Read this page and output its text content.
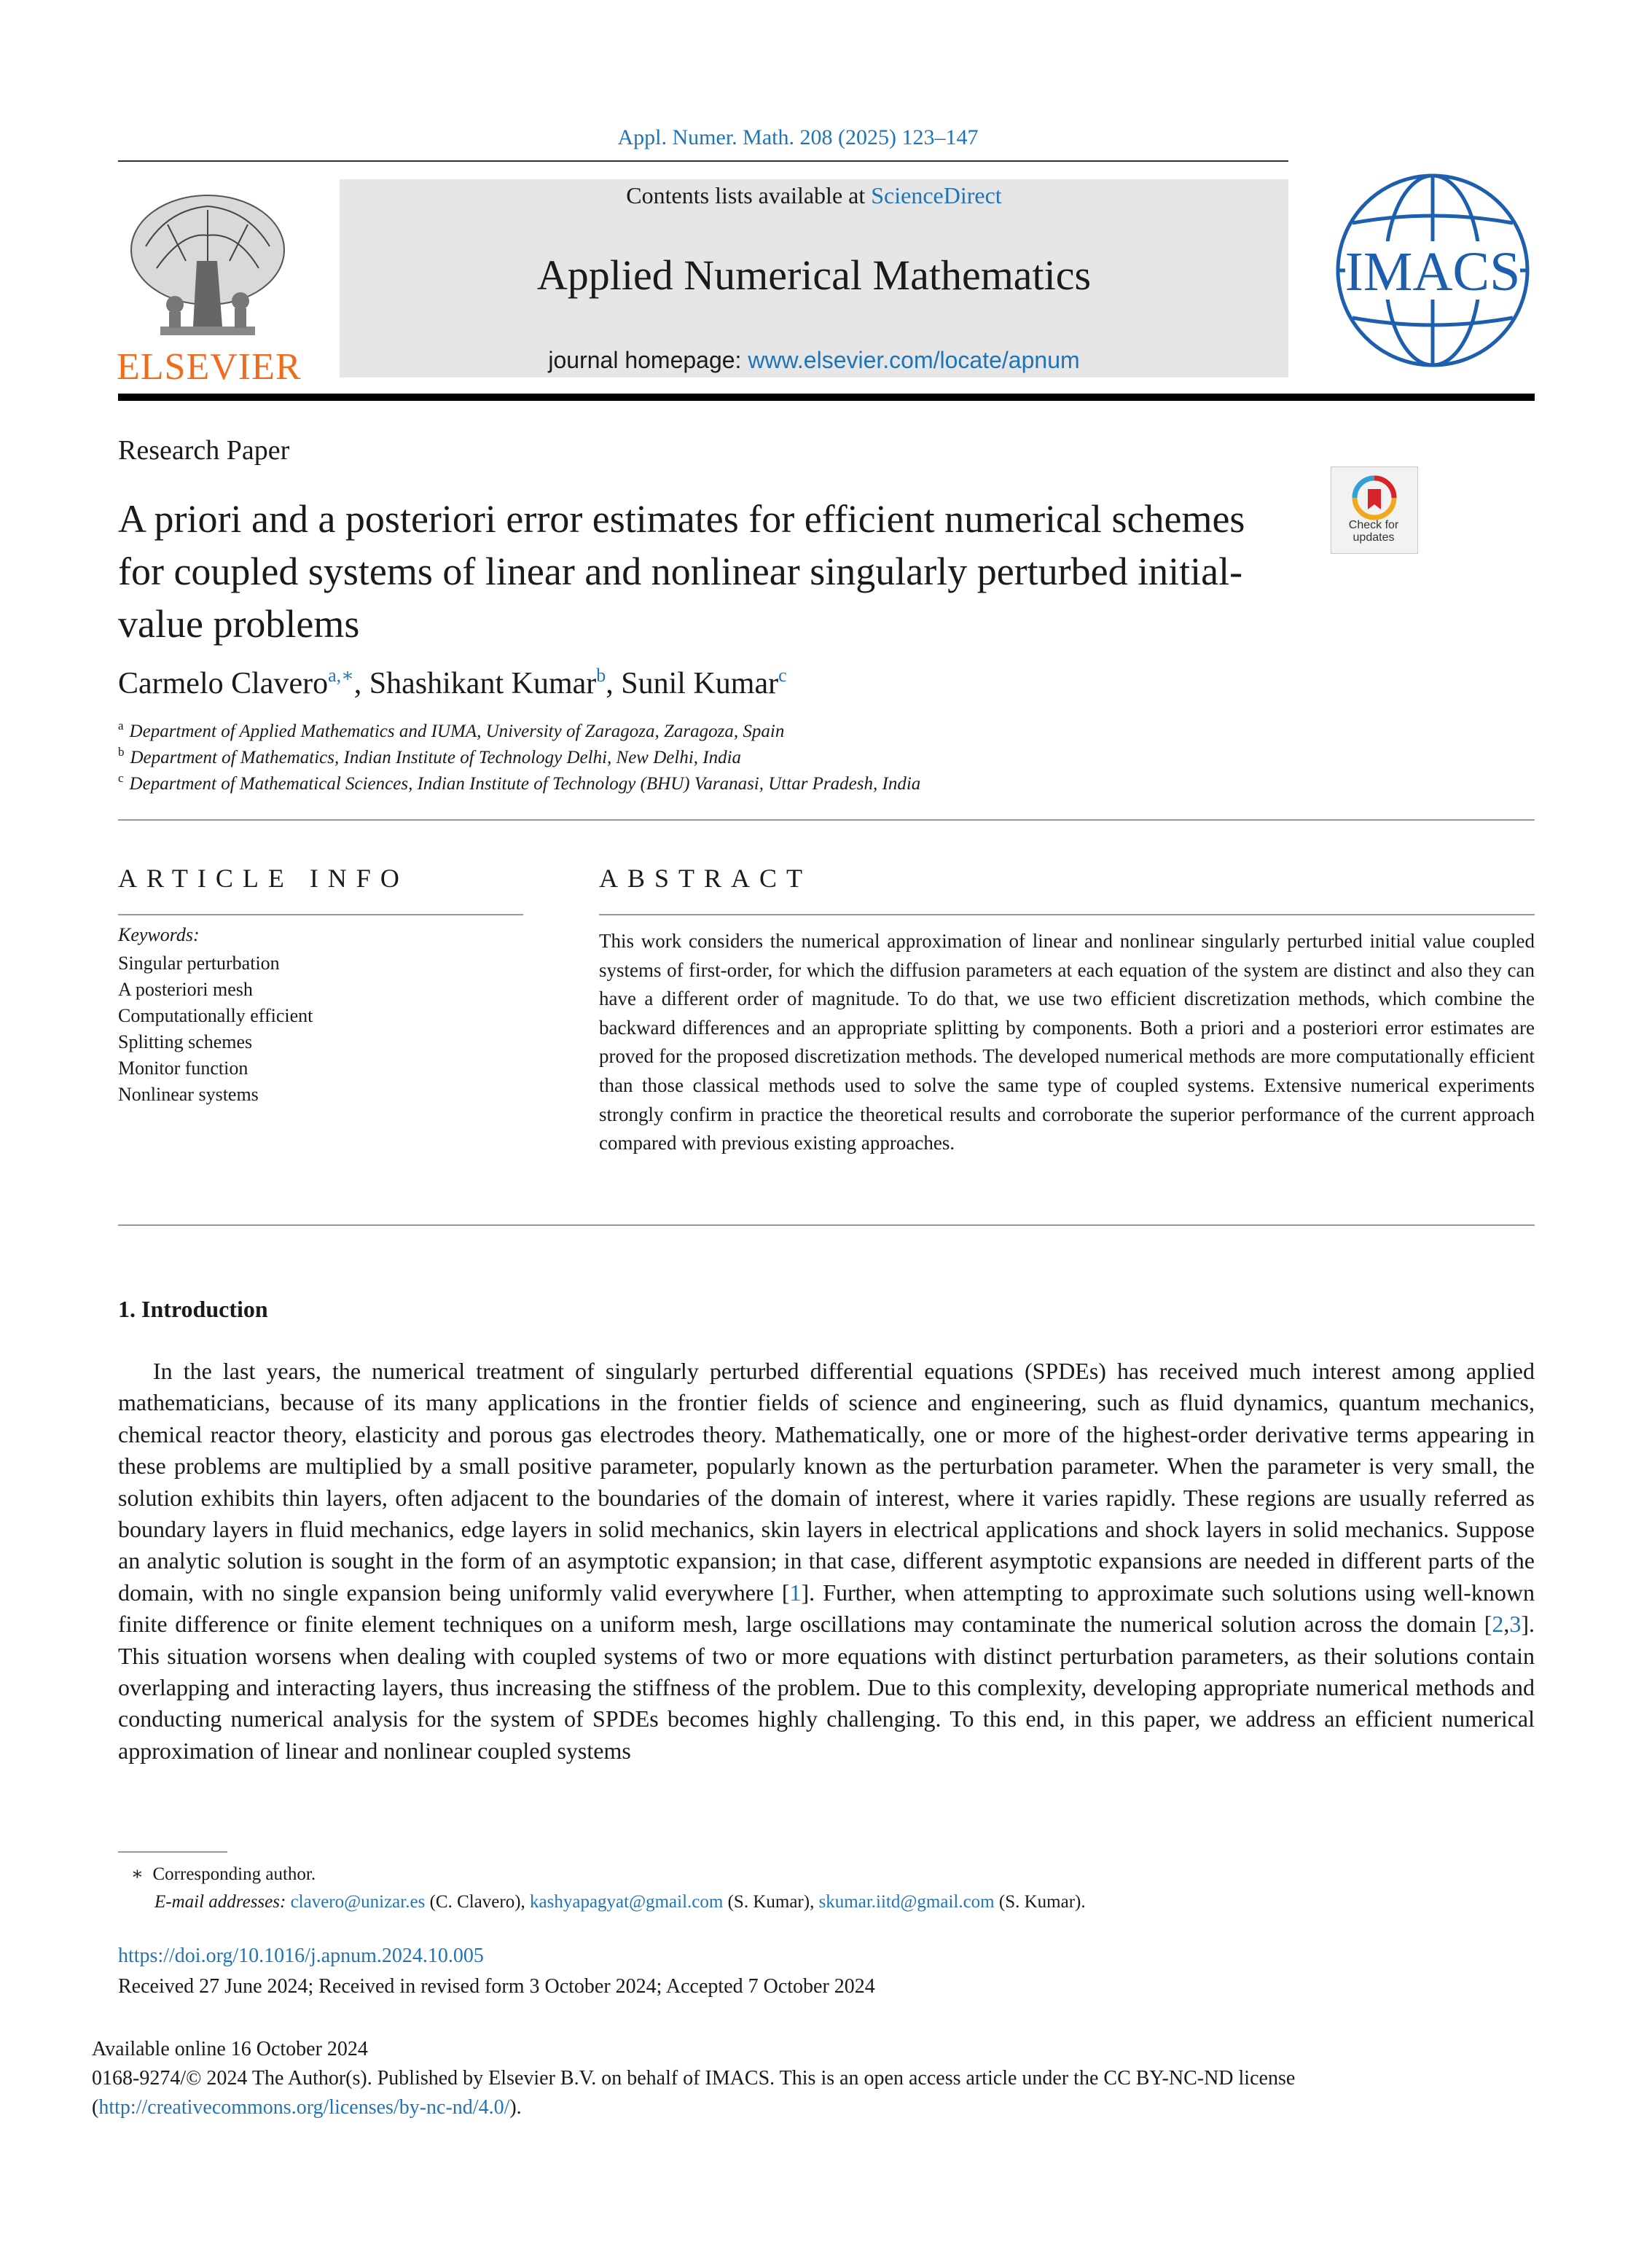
Appl. Numer. Math. 208 (2025) 123–147
ELSEVIER
Contents lists available at ScienceDirect
Applied Numerical Mathematics
journal homepage: www.elsevier.com/locate/apnum
IMACS
Research Paper
A priori and a posteriori error estimates for efficient numerical schemes for coupled systems of linear and nonlinear singularly perturbed initial-value problems
Check for updates
Carmelo Clavero$^{a,∗}$, Shashikant Kumar$^b$, Sunil Kumar$^c$
$^a$ Department of Applied Mathematics and IUMA, University of Zaragoza, Zaragoza, Spain
$^b$ Department of Mathematics, Indian Institute of Technology Delhi, New Delhi, India
$^c$ Department of Mathematical Sciences, Indian Institute of Technology (BHU) Varanasi, Uttar Pradesh, India
ARTICLE INFO	ABSTRACT
Keywords:
Singular perturbation
A posteriori mesh
Computationally efficient
Splitting schemes
Monitor function
Nonlinear systems
This work considers the numerical approximation of linear and nonlinear singularly perturbed initial value coupled systems of first-order, for which the diffusion parameters at each equation of the system are distinct and also they can have a different order of magnitude. To do that, we use two efficient discretization methods, which combine the backward differences and an appropriate splitting by components. Both a priori and a posteriori error estimates are proved for the proposed discretization methods. The developed numerical methods are more computationally efficient than those classical methods used to solve the same type of coupled systems. Extensive numerical experiments strongly confirm in practice the theoretical results and corroborate the superior performance of the current approach compared with previous existing approaches.
1. Introduction
In the last years, the numerical treatment of singularly perturbed differential equations (SPDEs) has received much interest among applied mathematicians, because of its many applications in the frontier fields of science and engineering, such as fluid dynamics, quantum mechanics, chemical reactor theory, elasticity and porous gas electrodes theory. Mathematically, one or more of the highest-order derivative terms appearing in these problems are multiplied by a small positive parameter, popularly known as the perturbation parameter. When the parameter is very small, the solution exhibits thin layers, often adjacent to the boundaries of the domain of interest, where it varies rapidly. These regions are usually referred as boundary layers in fluid mechanics, edge layers in solid mechanics, skin layers in electrical applications and shock layers in solid mechanics. Suppose an analytic solution is sought in the form of an asymptotic expansion; in that case, different asymptotic expansions are needed in different parts of the domain, with no single expansion being uniformly valid everywhere [1]. Further, when attempting to approximate such solutions using well-known finite difference or finite element techniques on a uniform mesh, large oscillations may contaminate the numerical solution across the domain [2,3]. This situation worsens when dealing with coupled systems of two or more equations with distinct perturbation parameters, as their solutions contain overlapping and interacting layers, thus increasing the stiffness of the problem. Due to this complexity, developing appropriate numerical methods and conducting numerical analysis for the system of SPDEs becomes highly challenging. To this end, in this paper, we address an efficient numerical approximation of linear and nonlinear coupled systems
∗ Corresponding author.
E-mail addresses: clavero@unizar.es (C. Clavero), kashyapagyat@gmail.com (S. Kumar), skumar.iitd@gmail.com (S. Kumar).
https://doi.org/10.1016/j.apnum.2024.10.005
Received 27 June 2024; Received in revised form 3 October 2024; Accepted 7 October 2024
Available online 16 October 2024
0168-9274/© 2024 The Author(s). Published by Elsevier B.V. on behalf of IMACS. This is an open access article under the CC BY-NC-ND license
(http://creativecommons.org/licenses/by-nc-nd/4.0/).
